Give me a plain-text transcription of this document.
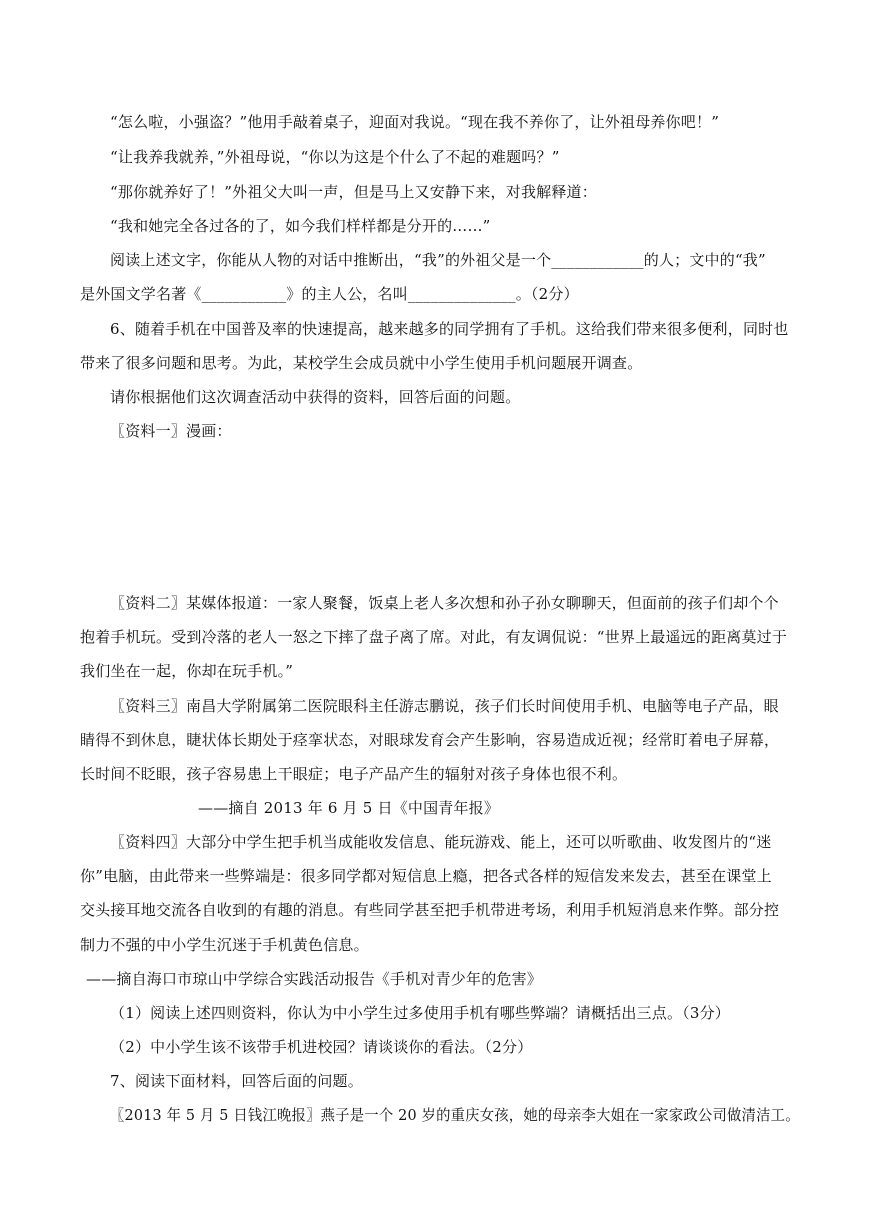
“怎么啦，小强盗？”他用手敲着桌子，迎面对我说。“现在我不养你了，让外祖母养你吧！”
“让我养我就养，”外祖母说，“你以为这是个什么了不起的难题吗？”
“那你就养好了！”外祖父大叫一声，但是马上又安静下来，对我解释道：
“我和她完全各过各的了，如今我们样样都是分开的……”
阅读上述文字，你能从人物的对话中推断出，“我”的外祖父是一个____________的人；文中的“我”
是外国文学名著《___________》的主人公，名叫______________。（2分）
6、随着手机在中国普及率的快速提高，越来越多的同学拥有了手机。这给我们带来很多便利，同时也
带来了很多问题和思考。为此，某校学生会成员就中小学生使用手机问题展开调查。
请你根据他们这次调查活动中获得的资料，回答后面的问题。
〖资料一〗漫画：
〖资料二〗某媒体报道：一家人聚餐，饭桌上老人多次想和孙子孙女聊聊天，但面前的孩子们却个个
抱着手机玩。受到冷落的老人一怒之下摔了盘子离了席。对此，有友调侃说：“世界上最遥远的距离莫过于
我们坐在一起，你却在玩手机。”
〖资料三〗南昌大学附属第二医院眼科主任游志鹏说，孩子们长时间使用手机、电脑等电子产品，眼
睛得不到休息，睫状体长期处于痉挛状态，对眼球发育会产生影响，容易造成近视；经常盯着电子屏幕，
长时间不眨眼，孩子容易患上干眼症；电子产品产生的辐射对孩子身体也很不利。
——摘自 2013 年 6 月 5 日《中国青年报》
〖资料四〗大部分中学生把手机当成能收发信息、能玩游戏、能上，还可以听歌曲、收发图片的“迷
你”电脑，由此带来一些弊端是：很多同学都对短信息上瘾，把各式各样的短信发来发去，甚至在课堂上
交头接耳地交流各自收到的有趣的消息。有些同学甚至把手机带进考场，利用手机短消息来作弊。部分控
制力不强的中小学生沉迷于手机黄色信息。
——摘自海口市琼山中学综合实践活动报告《手机对青少年的危害》
（1）阅读上述四则资料，你认为中小学生过多使用手机有哪些弊端？请概括出三点。（3分）
（2）中小学生该不该带手机进校园？请谈谈你的看法。（2分）
7、阅读下面材料，回答后面的问题。
〖2013 年 5 月 5 日钱江晚报〗燕子是一个 20 岁的重庆女孩，她的母亲李大姐在一家家政公司做清洁工。
